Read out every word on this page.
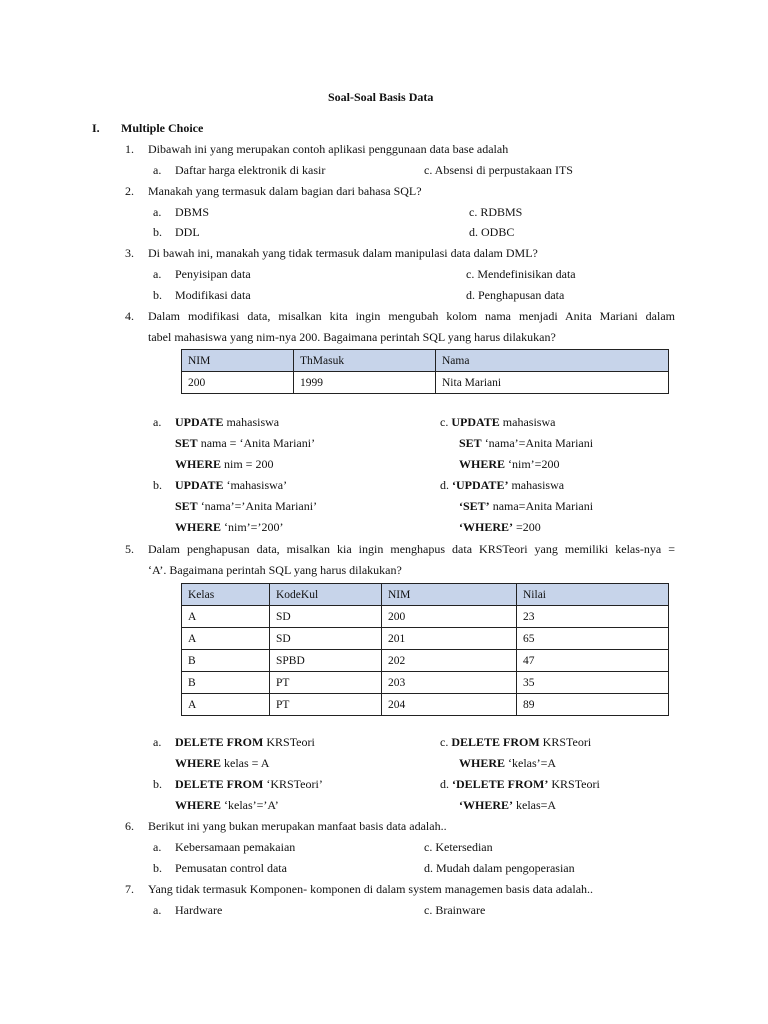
Soal-Soal Basis Data
I. Multiple Choice
1. Dibawah ini yang merupakan contoh aplikasi penggunaan data base adalah
a. Daftar harga elektronik di kasir	c. Absensi di perpustakaan ITS
2. Manakah yang termasuk dalam bagian dari bahasa SQL?
a. DBMS	c. RDBMS
b. DDL	d. ODBC
3. Di bawah ini, manakah yang tidak termasuk dalam manipulasi data dalam DML?
a. Penyisipan data	c. Mendefinisikan data
b. Modifikasi data	d. Penghapusan data
4. Dalam modifikasi data, misalkan kita ingin mengubah kolom nama menjadi Anita Mariani dalam
tabel mahasiswa yang nim-nya 200. Bagaimana perintah SQL yang harus dilakukan?
NIM	ThMasuk	Nama
200	1999	Nita Mariani
a. UPDATE mahasiswa
SET nama = ‘Anita Mariani’
WHERE nim = 200
c. UPDATE mahasiswa
SET ‘nama’=Anita Mariani
WHERE ‘nim’=200
b. UPDATE ‘mahasiswa’
SET ‘nama’=’Anita Mariani’
WHERE ‘nim’=’200’
d. ‘UPDATE’ mahasiswa
‘SET’ nama=Anita Mariani
‘WHERE’ =200
5. Dalam penghapusan data, misalkan kia ingin menghapus data KRSTeori yang memiliki kelas-nya =
‘A’. Bagaimana perintah SQL yang harus dilakukan?
Kelas	KodeKul	NIM	Nilai
A	SD	200	23
A	SD	201	65
B	SPBD	202	47
B	PT	203	35
A	PT	204	89
a. DELETE FROM KRSTeori
WHERE kelas = A
c. DELETE FROM KRSTeori
WHERE ‘kelas’=A
b. DELETE FROM ‘KRSTeori’
WHERE ‘kelas’=’A’
d. ‘DELETE FROM’ KRSTeori
‘WHERE’ kelas=A
6. Berikut ini yang bukan merupakan manfaat basis data adalah..
a. Kebersamaan pemakaian	c. Ketersedian
b. Pemusatan control data	d. Mudah dalam pengoperasian
7. Yang tidak termasuk Komponen- komponen di dalam system managemen basis data adalah..
a. Hardware	c. Brainware
